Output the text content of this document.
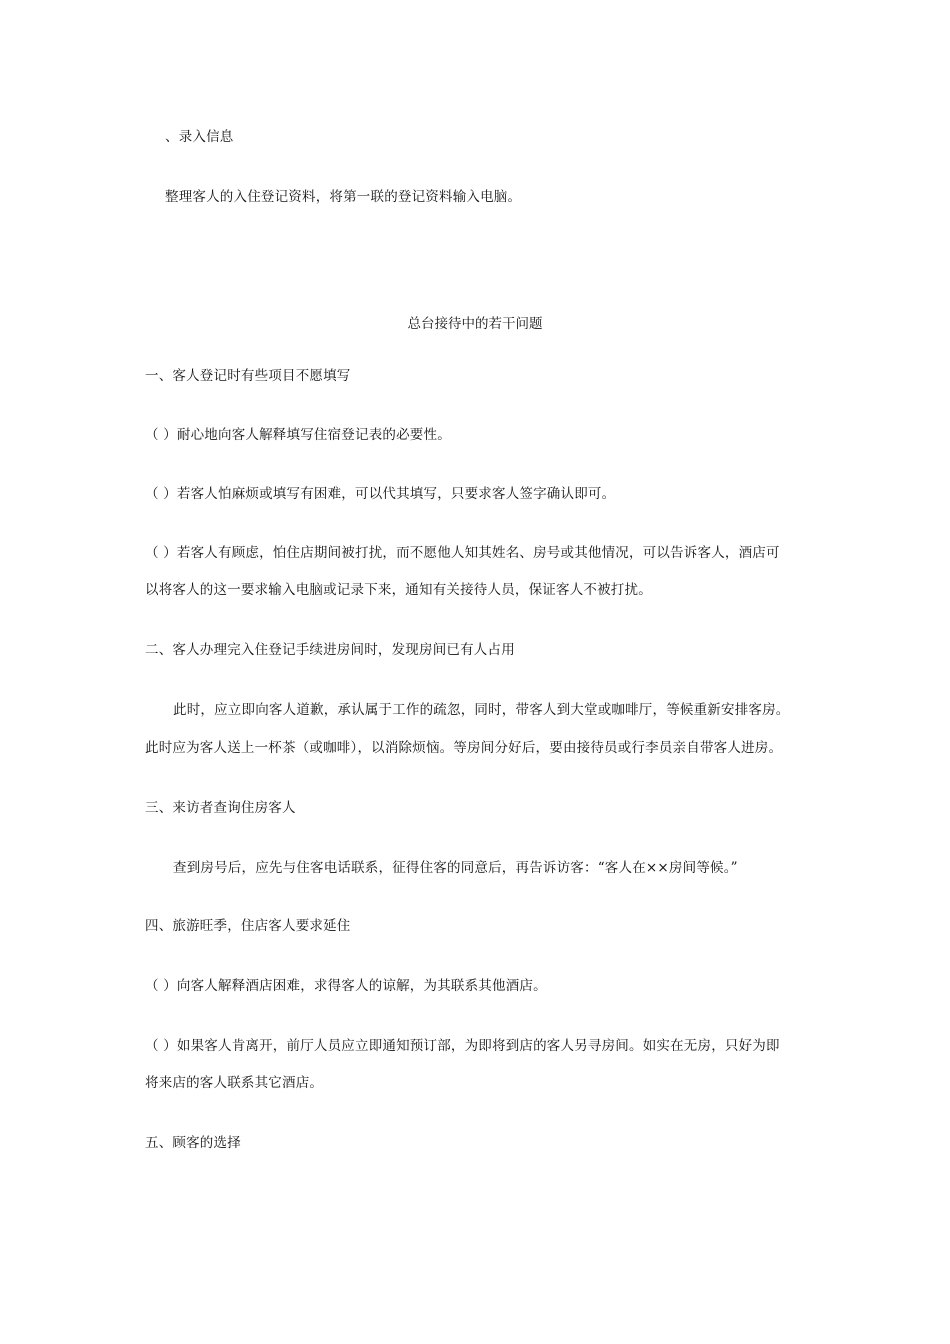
、录入信息
整理客人的入住登记资料，将第一联的登记资料输入电脑。
总台接待中的若干问题
一、客人登记时有些项目不愿填写
（ ）耐心地向客人解释填写住宿登记表的必要性。
（ ）若客人怕麻烦或填写有困难，可以代其填写，只要求客人签字确认即可。
（ ）若客人有顾虑，怕住店期间被打扰，而不愿他人知其姓名、房号或其他情况，可以告诉客人，酒店可
以将客人的这一要求输入电脑或记录下来，通知有关接待人员，保证客人不被打扰。
二、客人办理完入住登记手续进房间时，发现房间已有人占用
此时，应立即向客人道歉，承认属于工作的疏忽，同时，带客人到大堂或咖啡厅，等候重新安排客房。
此时应为客人送上一杯茶（或咖啡），以消除烦恼。等房间分好后，要由接待员或行李员亲自带客人进房。
三、来访者查询住房客人
查到房号后，应先与住客电话联系，征得住客的同意后，再告诉访客：“客人在××房间等候。”
四、旅游旺季，住店客人要求延住
（ ）向客人解释酒店困难，求得客人的谅解，为其联系其他酒店。
（ ）如果客人肯离开，前厅人员应立即通知预订部，为即将到店的客人另寻房间。如实在无房，只好为即
将来店的客人联系其它酒店。
五、顾客的选择
